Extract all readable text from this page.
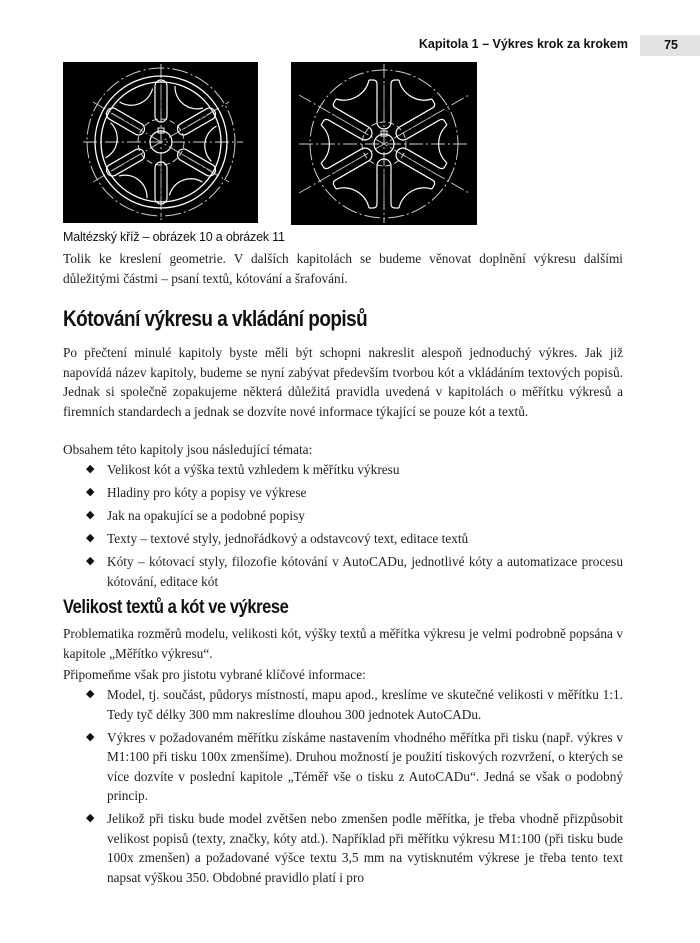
Kapitola 1 – Výkres krok za krokem	75
Maltézský kříž – obrázek 10 a obrázek 11

Tolik ke kreslení geometrie. V dalších kapitolách se budeme věnovat doplnění výkresu dalšími důležitými částmi – psaní textů, kótování a šrafování.

Kótování výkresu a vkládání popisů

Po přečtení minulé kapitoly byste měli být schopni nakreslit alespoň jednoduchý výkres. Jak již napovídá název kapitoly, budeme se nyní zabývat především tvorbou kót a vkládáním textových popisů. Jednak si společně zopakujeme některá důležitá pravidla uvedená v kapitolách o měřítku výkresů a firemních standardech a jednak se dozvíte nové informace týkající se pouze kót a textů.

Obsahem této kapitoly jsou následující témata:

◆ Velikost kót a výška textů vzhledem k měřítku výkresu
◆ Hladiny pro kóty a popisy ve výkrese
◆ Jak na opakující se a podobné popisy
◆ Texty – textové styly, jednořádkový a odstavcový text, editace textů
◆ Kóty – kótovací styly, filozofie kótování v AutoCADu, jednotlivé kóty a automatizace procesu kótování, editace kót
Velikost textů a kót ve výkrese

Problematika rozměrů modelu, velikosti kót, výšky textů a měřítka výkresu je velmi podrobně popsána v kapitole „Měřítko výkresu“.

Připomeňme však pro jistotu vybrané klíčové informace:

◆ Model, tj. součást, půdorys místností, mapu apod., kreslíme ve skutečné velikosti v měřítku 1:1. Tedy tyč délky 300 mm nakreslíme dlouhou 300 jednotek AutoCADu.
◆ Výkres v požadovaném měřítku získáme nastavením vhodného měřítka při tisku (např. výkres v M1:100 při tisku 100x zmenšíme). Druhou možností je použití tiskových rozvržení, o kterých se více dozvíte v poslední kapitole „Téměř vše o tisku z AutoCADu“. Jedná se však o podobný princip.
◆ Jelikož při tisku bude model zvětšen nebo zmenšen podle měřítka, je třeba vhodně přizpůsobit velikost popisů (texty, značky, kóty atd.). Například při měřítku výkresu M1:100 (při tisku bude 100x zmenšen) a požadované výšce textu 3,5 mm na vytisknutém výkrese je třeba tento text napsat výškou 350. Obdobné pravidlo platí i pro
